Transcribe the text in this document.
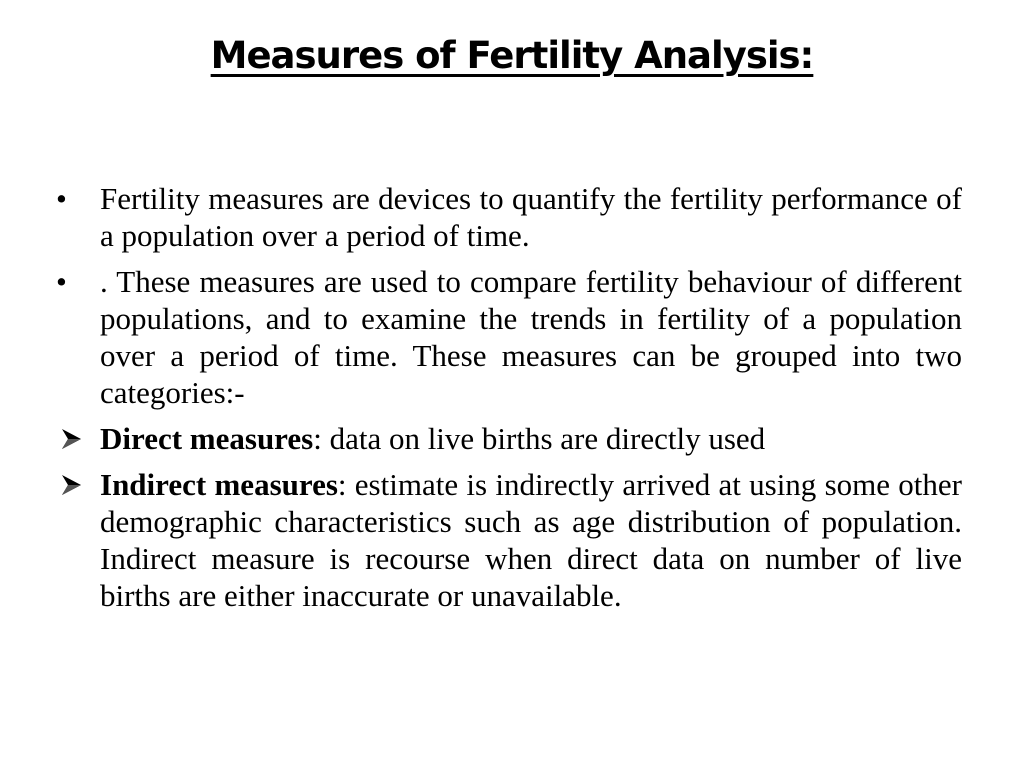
Measures of Fertility Analysis:
•	Fertility measures are devices to quantify the fertility performance of a population over a period of time.
•	. These measures are used to compare fertility behaviour of different populations, and to examine the trends in fertility of a population over a period of time. These measures can be grouped into two categories:-
Direct measures: data on live births are directly used
Indirect measures: estimate is indirectly arrived at using some other demographic characteristics such as age distribution of population. Indirect measure is recourse when direct data on number of live births are either inaccurate or unavailable.
